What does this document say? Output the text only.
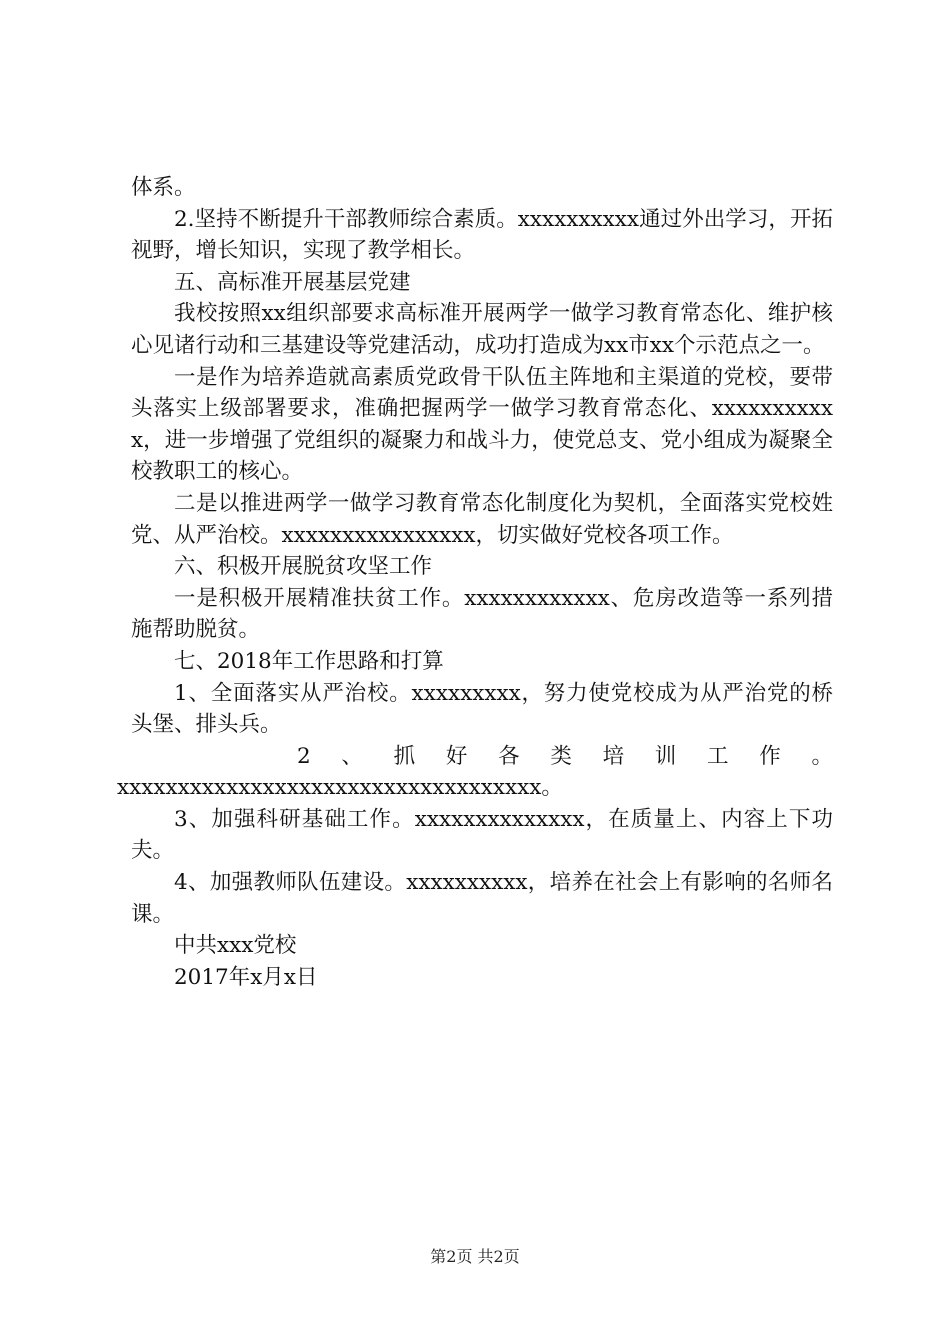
体系。

2.坚持不断提升干部教师综合素质。xxxxxxxxxx通过外出学习，开拓视野，增长知识，实现了教学相长。

五、高标准开展基层党建

我校按照xx组织部要求高标准开展两学一做学习教育常态化、维护核心见诸行动和三基建设等党建活动，成功打造成为xx市xx个示范点之一。

一是作为培养造就高素质党政骨干队伍主阵地和主渠道的党校，要带头落实上级部署要求，准确把握两学一做学习教育常态化、xxxxxxxxxxx，进一步增强了党组织的凝聚力和战斗力，使党总支、党小组成为凝聚全校教职工的核心。

二是以推进两学一做学习教育常态化制度化为契机，全面落实党校姓党、从严治校。xxxxxxxxxxxxxxxx，切实做好党校各项工作。

六、积极开展脱贫攻坚工作

一是积极开展精准扶贫工作。xxxxxxxxxxxx、危房改造等一系列措施帮助脱贫。

七、2018年工作思路和打算

1、全面落实从严治校。xxxxxxxxx，努力使党校成为从严治党的桥头堡、排头兵。

2、抓好各类培训工作。

xxxxxxxxxxxxxxxxxxxxxxxxxxxxxxxxxxx。

3、加强科研基础工作。xxxxxxxxxxxxxx，在质量上、内容上下功夫。

4、加强教师队伍建设。xxxxxxxxxx，培养在社会上有影响的名师名课。

中共xxx党校

2017年x月x日

第2页 共2页
